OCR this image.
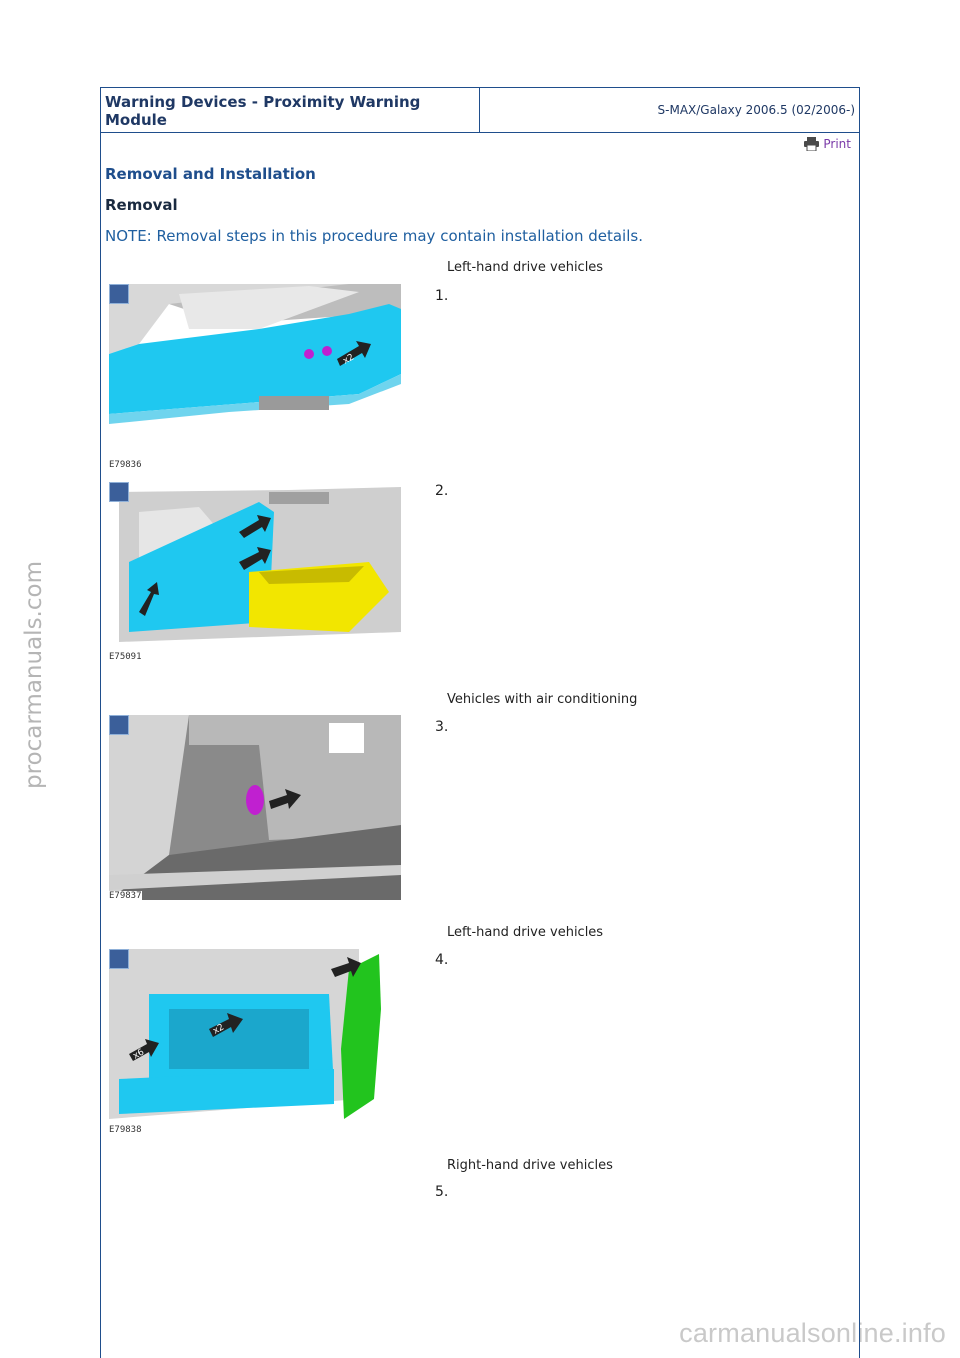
procarmanuals.com
carmanualsonline.info
Warning Devices - Proximity Warning Module
S-MAX/Galaxy 2006.5 (02/2006-)
Print
Removal and Installation
Removal
NOTE: Removal steps in this procedure may contain installation details.
Left-hand drive vehicles
1.
x2
E79836
2.
E75091
Vehicles with air conditioning
3.
E79837
Left-hand drive vehicles
4.
x2
x6
E79838
Right-hand drive vehicles
5.
